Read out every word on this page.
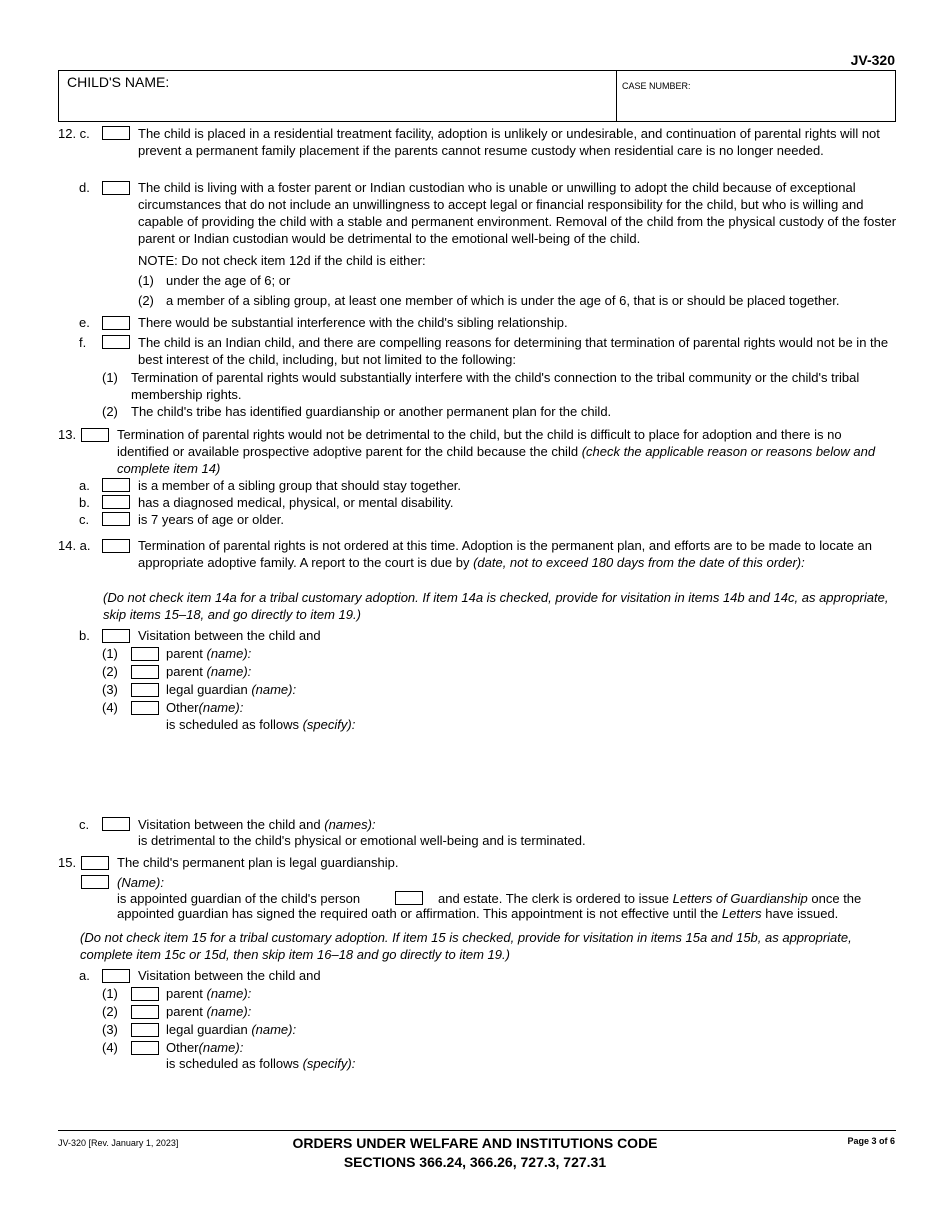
JV-320
CHILD'S NAME:	CASE NUMBER:
12. c.	The child is placed in a residential treatment facility, adoption is unlikely or undesirable, and continuation of parental rights will not prevent a permanent family placement if the parents cannot resume custody when residential care is no longer needed.
d.	The child is living with a foster parent or Indian custodian who is unable or unwilling to adopt the child because of exceptional circumstances that do not include an unwillingness to accept legal or financial responsibility for the child, but who is willing and capable of providing the child with a stable and permanent environment. Removal of the child from the physical custody of the foster parent or Indian custodian would be detrimental to the emotional well-being of the child.
NOTE: Do not check item 12d if the child is either:
(1) under the age of 6; or
(2) a member of a sibling group, at least one member of which is under the age of 6, that is or should be placed together.
e.	There would be substantial interference with the child's sibling relationship.
f.	The child is an Indian child, and there are compelling reasons for determining that termination of parental rights would not be in the best interest of the child, including, but not limited to the following:
(1) Termination of parental rights would substantially interfere with the child's connection to the tribal community or the child's tribal membership rights.
(2) The child's tribe has identified guardianship or another permanent plan for the child.
13.	Termination of parental rights would not be detrimental to the child, but the child is difficult to place for adoption and there is no identified or available prospective adoptive parent for the child because the child (check the applicable reason or reasons below and complete item 14)
a.	is a member of a sibling group that should stay together.
b.	has a diagnosed medical, physical, or mental disability.
c.	is 7 years of age or older.
14. a.	Termination of parental rights is not ordered at this time. Adoption is the permanent plan, and efforts are to be made to locate an appropriate adoptive family. A report to the court is due by (date, not to exceed 180 days from the date of this order):
(Do not check item 14a for a tribal customary adoption. If item 14a is checked, provide for visitation in items 14b and 14c, as appropriate, skip items 15–18, and go directly to item 19.)
b.	Visitation between the child and
(1)	parent (name):
(2)	parent (name):
(3)	legal guardian (name):
(4)	Other(name):
is scheduled as follows (specify):
c.	Visitation between the child and (names):
is detrimental to the child's physical or emotional well-being and is terminated.
15.	The child's permanent plan is legal guardianship.
(Name):
is appointed guardian of the child's person	and estate. The clerk is ordered to issue Letters of Guardianship once the
appointed guardian has signed the required oath or affirmation. This appointment is not effective until the Letters have issued.
(Do not check item 15 for a tribal customary adoption. If item 15 is checked, provide for visitation in items 15a and 15b, as appropriate, complete item 15c or 15d, then skip item 16–18 and go directly to item 19.)
a.	Visitation between the child and
(1)	parent (name):
(2)	parent (name):
(3)	legal guardian (name):
(4)	Other(name):
is scheduled as follows (specify):
JV-320 [Rev. January 1, 2023]	ORDERS UNDER WELFARE AND INSTITUTIONS CODE
SECTIONS 366.24, 366.26, 727.3, 727.31
Page 3 of 6
